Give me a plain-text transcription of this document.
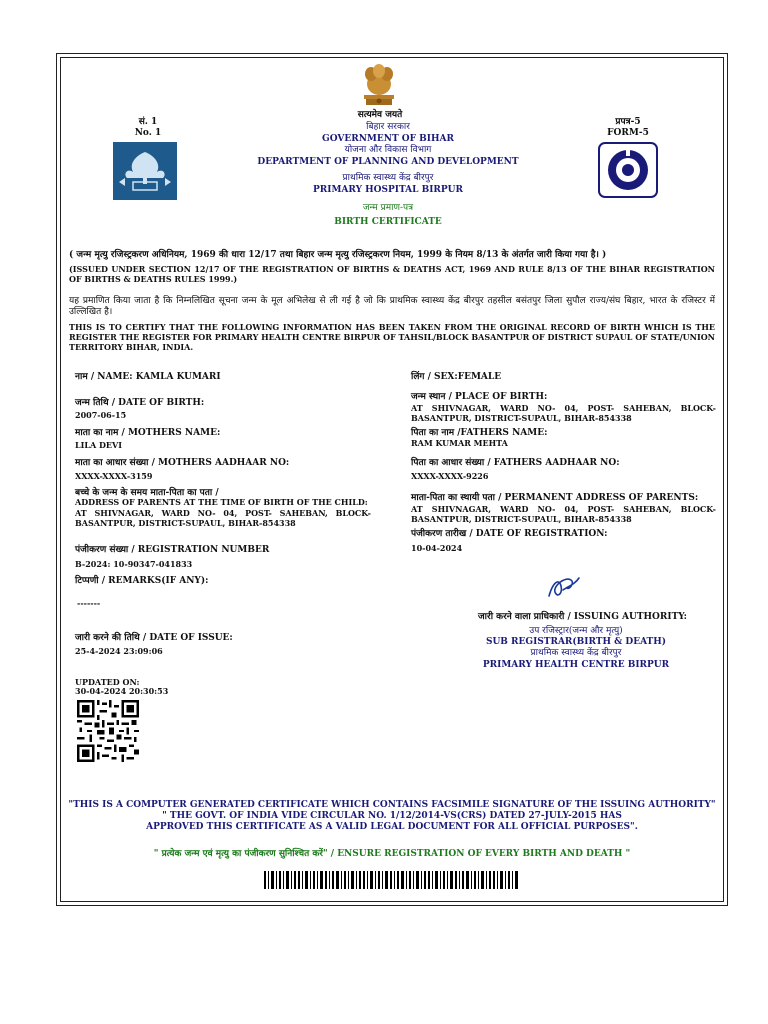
सत्यमेव जयते
सं. 1
No. 1
प्रपत्र-5
FORM-5
बिहार सरकार
GOVERNMENT OF BIHAR
योजना और विकास विभाग
DEPARTMENT OF PLANNING AND DEVELOPMENT
प्राथमिक स्वास्थ्य केंद्र बीरपुर
PRIMARY HOSPITAL BIRPUR
जन्म प्रमाण-पत्र
BIRTH CERTIFICATE
( जन्म मृत्यु रजिस्ट्रकरण अधिनियम, 1969 की धारा 12/17 तथा बिहार जन्म मृत्यु रजिस्ट्रकरण नियम, 1999 के नियम 8/13 के अंतर्गत जारी किया गया है। )
(ISSUED UNDER SECTION 12/17 OF THE REGISTRATION OF BIRTHS & DEATHS ACT, 1969 AND RULE 8/13 OF THE BIHAR REGISTRATION OF BIRTHS & DEATHS RULES 1999.)
यह प्रमाणित किया जाता है कि निम्नलिखित सूचना जन्म के मूल अभिलेख से ली गई है जो कि प्राथमिक स्वास्थ्य केंद्र बीरपुर तहसील बसंतपुर जिला सुपौल राज्य/संघ बिहार, भारत के रजिस्टर में उल्लिखित है।
THIS IS TO CERTIFY THAT THE FOLLOWING INFORMATION HAS BEEN TAKEN FROM THE ORIGINAL RECORD OF BIRTH WHICH IS THE REGISTER THE REGISTER FOR PRIMARY HEALTH CENTRE BIRPUR OF TAHSIL/BLOCK BASANTPUR OF DISTRICT SUPAUL OF STATE/UNION TERRITORY BIHAR, INDIA.
नाम / NAME: KAMLA KUMARI
जन्म तिथि / DATE OF BIRTH:
2007-06-15
माता का नाम / MOTHERS NAME:
LILA DEVI
माता का आधार संख्या / MOTHERS AADHAAR NO:
XXXX-XXXX-3159
बच्चे के जन्म के समय माता-पिता का पता /
ADDRESS OF PARENTS AT THE TIME OF BIRTH OF THE CHILD:
AT SHIVNAGAR, WARD NO- 04, POST- SAHEBAN, BLOCK-BASANTPUR, DISTRICT-SUPAUL, BIHAR-854338
पंजीकरण संख्या / REGISTRATION NUMBER
B-2024: 10-90347-041833
टिप्पणी / REMARKS(IF ANY):
-------
जारी करने की तिथि / DATE OF ISSUE:
25-4-2024 23:09:06
UPDATED ON:
30-04-2024 20:30:53
लिंग / SEX:FEMALE
जन्म स्थान / PLACE OF BIRTH:
AT SHIVNAGAR, WARD NO- 04, POST- SAHEBAN, BLOCK-BASANTPUR, DISTRICT-SUPAUL, BIHAR-854338
पिता का नाम /FATHERS NAME:
RAM KUMAR MEHTA
पिता का आधार संख्या / FATHERS AADHAAR NO:
XXXX-XXXX-9226
माता-पिता का स्थायी पता / PERMANENT ADDRESS OF PARENTS:
AT SHIVNAGAR, WARD NO- 04, POST- SAHEBAN, BLOCK-BASANTPUR, DISTRICT-SUPAUL, BIHAR-854338
पंजीकरण तारीख / DATE OF REGISTRATION:
10-04-2024
जारी करने वाला प्राधिकारी / ISSUING AUTHORITY:
उप रजिस्ट्रार(जन्म और मृत्यु)
SUB REGISTRAR(BIRTH & DEATH)
प्राथमिक स्वास्थ्य केंद्र बीरपुर
PRIMARY HEALTH CENTRE BIRPUR
"THIS IS A COMPUTER GENERATED CERTIFICATE WHICH CONTAINS FACSIMILE SIGNATURE OF THE ISSUING AUTHORITY"
" THE GOVT. OF INDIA VIDE CIRCULAR NO. 1/12/2014-VS(CRS) DATED 27-JULY-2015 HAS
APPROVED THIS CERTIFICATE AS A VALID LEGAL DOCUMENT FOR ALL OFFICIAL PURPOSES".
" प्रत्येक जन्म एवं मृत्यु का पंजीकरण सुनिश्चित करें" / ENSURE REGISTRATION OF EVERY BIRTH AND DEATH "
